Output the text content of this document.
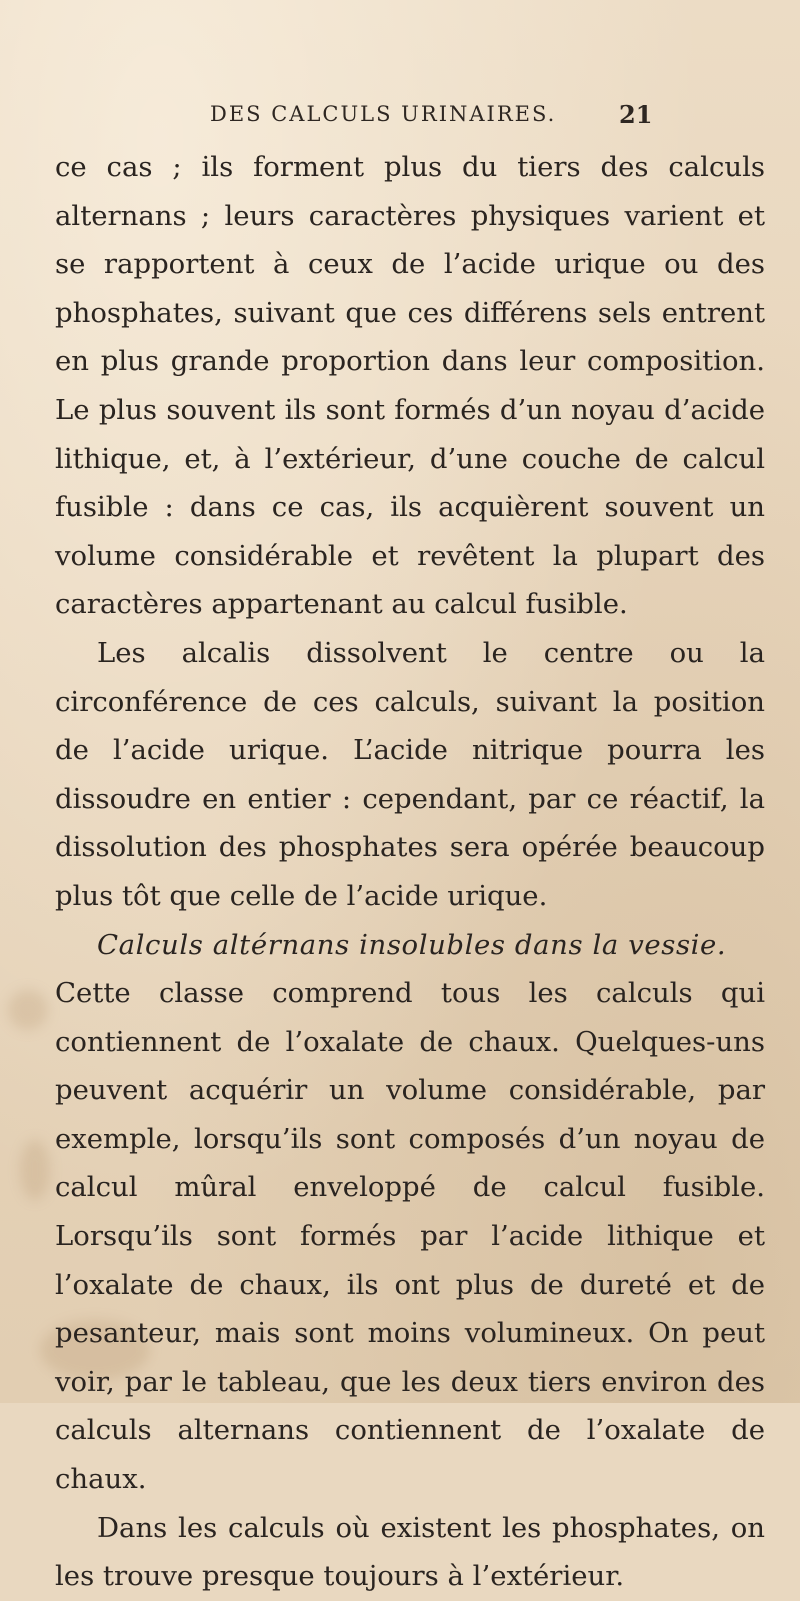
DES CALCULS URINAIRES.	21

ce cas ; ils forment plus du tiers des calculs alternans ; leurs caractères physiques varient et se rapportent à ceux de l’acide urique ou des phosphates, suivant que ces différens sels entrent en plus grande proportion dans leur composition. Le plus souvent ils sont formés d’un noyau d’acide lithique, et, à l’extérieur, d’une couche de calcul fusible : dans ce cas, ils acquièrent souvent un volume considérable et revêtent la plupart des caractères appartenant au calcul fusible.

Les alcalis dissolvent le centre ou la circonférence de ces calculs, suivant la position de l’acide urique. L’acide nitrique pourra les dissoudre en entier : cependant, par ce réactif, la dissolution des phosphates sera opérée beaucoup plus tôt que celle de l’acide urique.

Calculs altérnans insolubles dans la vessie.

Cette classe comprend tous les calculs qui contiennent de l’oxalate de chaux. Quelques-uns peuvent acquérir un volume considérable, par exemple, lorsqu’ils sont composés d’un noyau de calcul mûral enveloppé de calcul fusible. Lorsqu’ils sont formés par l’acide lithique et l’oxalate de chaux, ils ont plus de dureté et de pesanteur, mais sont moins volumineux. On peut voir, par le tableau, que les deux tiers environ des calculs alternans contiennent de l’oxalate de chaux.

Dans les calculs où existent les phosphates, on les trouve presque toujours à l’extérieur.
